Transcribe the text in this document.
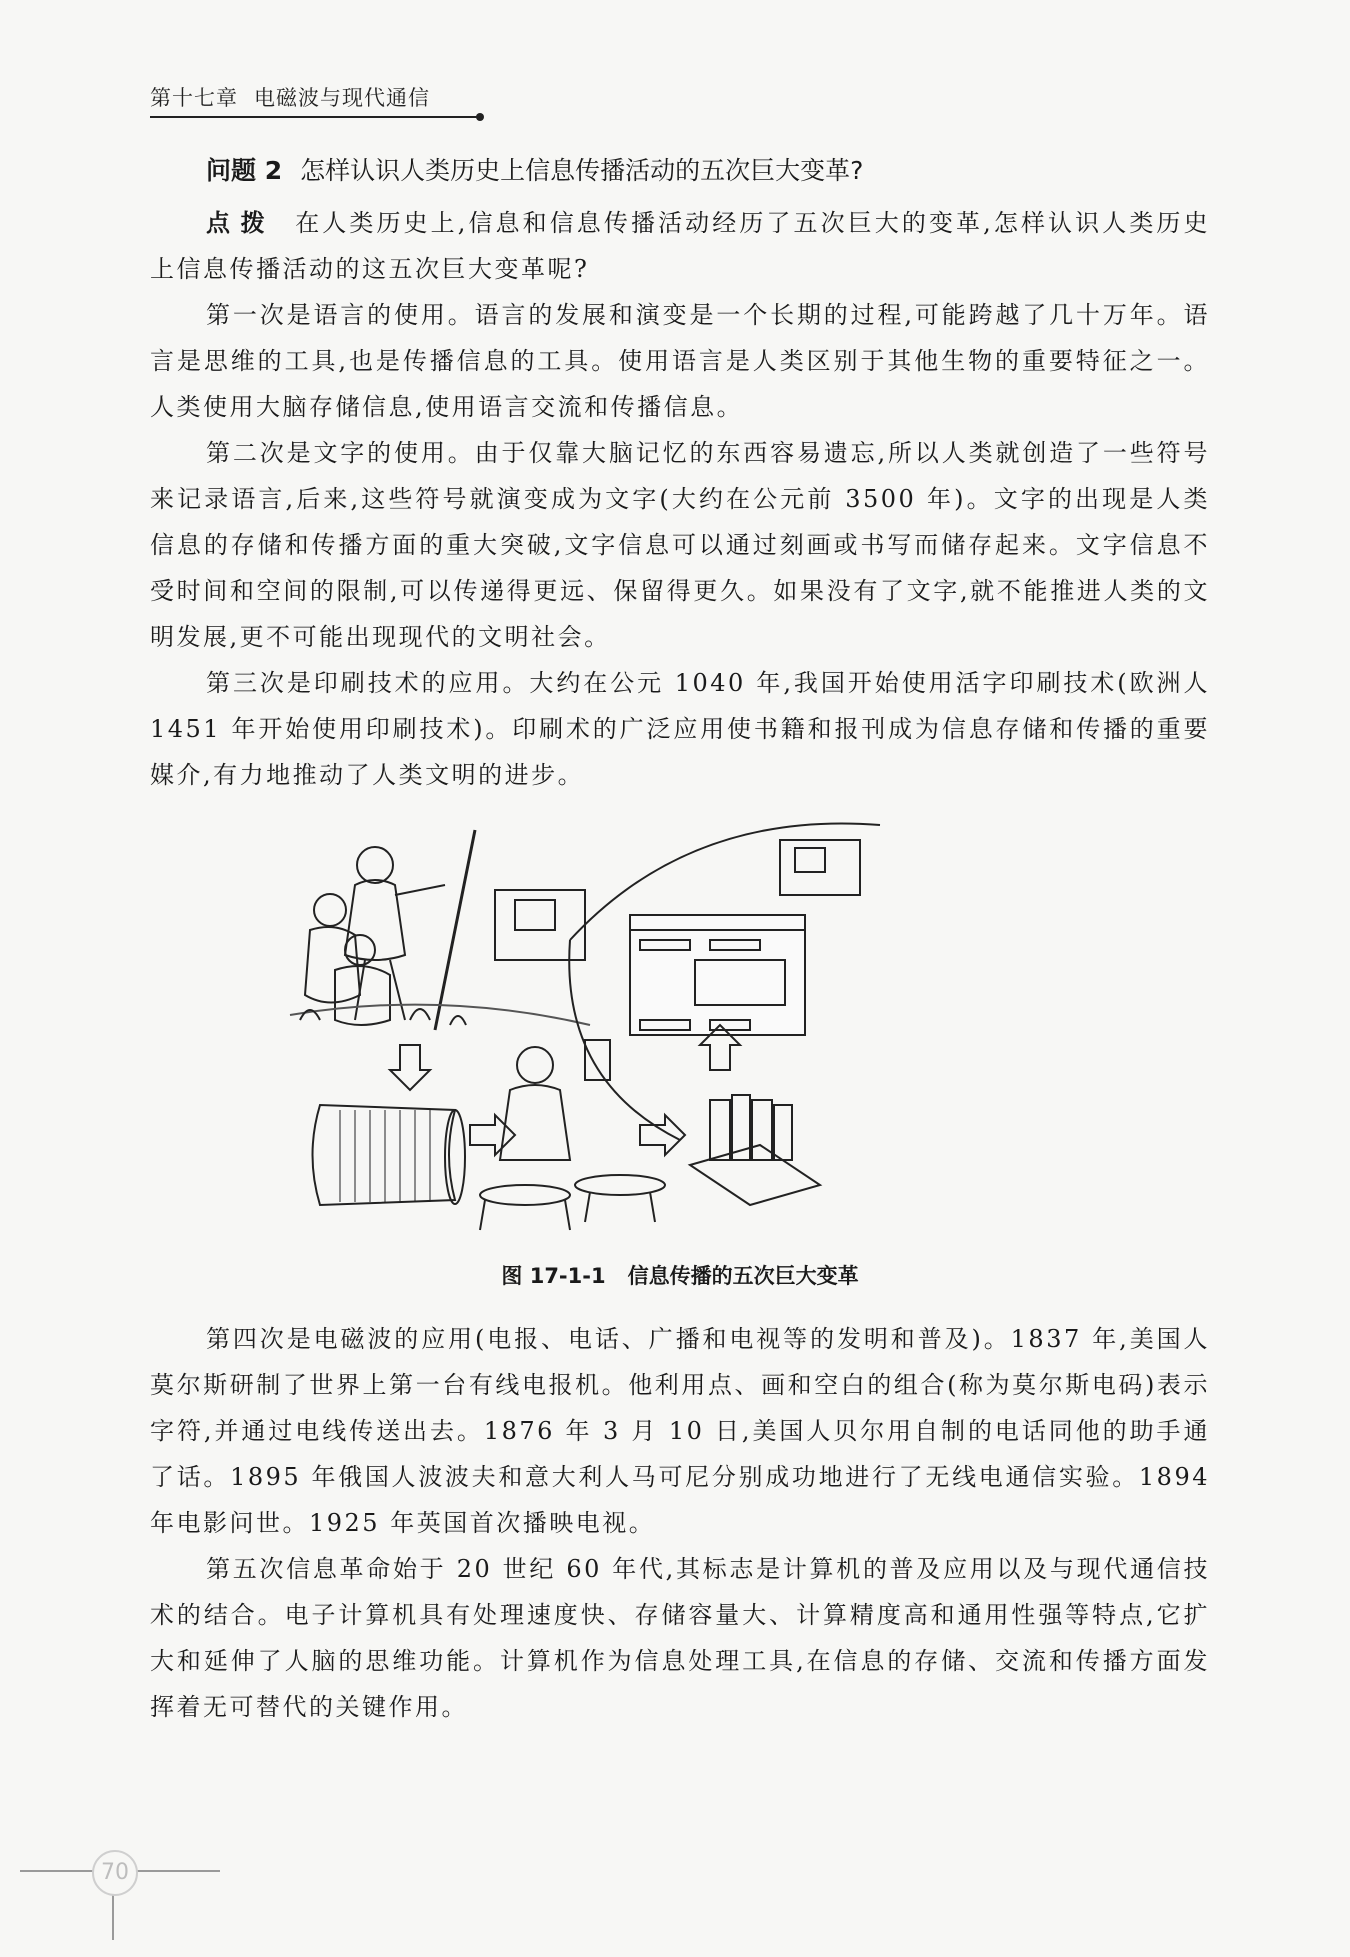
第十七章 电磁波与现代通信
问题 2 怎样认识人类历史上信息传播活动的五次巨大变革?

点拨 在人类历史上,信息和信息传播活动经历了五次巨大的变革,怎样认识人类历史上信息传播活动的这五次巨大变革呢?

第一次是语言的使用。语言的发展和演变是一个长期的过程,可能跨越了几十万年。语言是思维的工具,也是传播信息的工具。使用语言是人类区别于其他生物的重要特征之一。人类使用大脑存储信息,使用语言交流和传播信息。

第二次是文字的使用。由于仅靠大脑记忆的东西容易遗忘,所以人类就创造了一些符号来记录语言,后来,这些符号就演变成为文字(大约在公元前 3500 年)。文字的出现是人类信息的存储和传播方面的重大突破,文字信息可以通过刻画或书写而储存起来。文字信息不受时间和空间的限制,可以传递得更远、保留得更久。如果没有了文字,就不能推进人类的文明发展,更不可能出现现代的文明社会。

第三次是印刷技术的应用。大约在公元 1040 年,我国开始使用活字印刷技术(欧洲人 1451 年开始使用印刷技术)。印刷术的广泛应用使书籍和报刊成为信息存储和传播的重要媒介,有力地推动了人类文明的进步。

图 17-1-1 信息传播的五次巨大变革

第四次是电磁波的应用(电报、电话、广播和电视等的发明和普及)。1837 年,美国人莫尔斯研制了世界上第一台有线电报机。他利用点、画和空白的组合(称为莫尔斯电码)表示字符,并通过电线传送出去。1876 年 3 月 10 日,美国人贝尔用自制的电话同他的助手通了话。1895 年俄国人波波夫和意大利人马可尼分别成功地进行了无线电通信实验。1894 年电影问世。1925 年英国首次播映电视。

第五次信息革命始于 20 世纪 60 年代,其标志是计算机的普及应用以及与现代通信技术的结合。电子计算机具有处理速度快、存储容量大、计算精度高和通用性强等特点,它扩大和延伸了人脑的思维功能。计算机作为信息处理工具,在信息的存储、交流和传播方面发挥着无可替代的关键作用。

70
